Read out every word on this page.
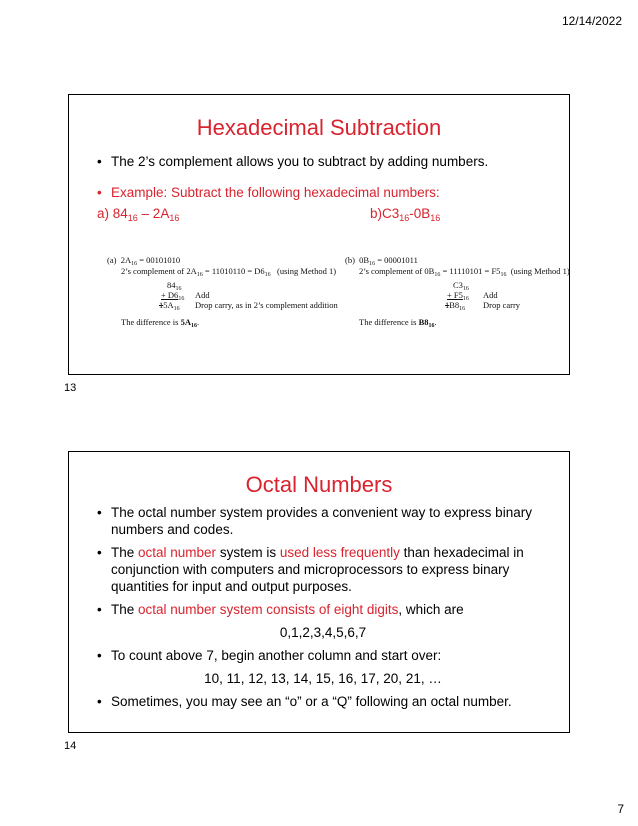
12/14/2022
Hexadecimal Subtraction

• The 2’s complement allows you to subtract by adding numbers.

• Example: Subtract the following hexadecimal numbers:

a) $84_{16} - 2A_{16}$	$b)C3_{16}-0B_{16}$
(a) $2A_{16} = 00101010$
2’s complement of $2A_{16} = 11010110 = D6_{16}$ (using Method 1)
$84_{16}$
+ $D6_{16}$ Add
$15A_{16}$ Drop carry, as in 2’s complement addition
The difference is $5A_{16}$.
(b) $0B_{16} = 00001011$
2’s complement of $0B_{16} = 11110101 = F5_{16}$ (using Method 1)
$C3_{16}$
+ $F5_{16}$ Add
$1B8_{16}$ Drop carry
The difference is $B8_{16}$.
13
Octal Numbers

• The octal number system provides a convenient way to express binary numbers and codes.

• The octal number system is used less frequently than hexadecimal in conjunction with computers and microprocessors to express binary quantities for input and output purposes.

• The octal number system consists of eight digits, which are

0,1,2,3,4,5,6,7

• To count above 7, begin another column and start over:

10, 11, 12, 13, 14, 15, 16, 17, 20, 21, …

• Sometimes, you may see an “o” or a “Q” following an octal number.

14
7
